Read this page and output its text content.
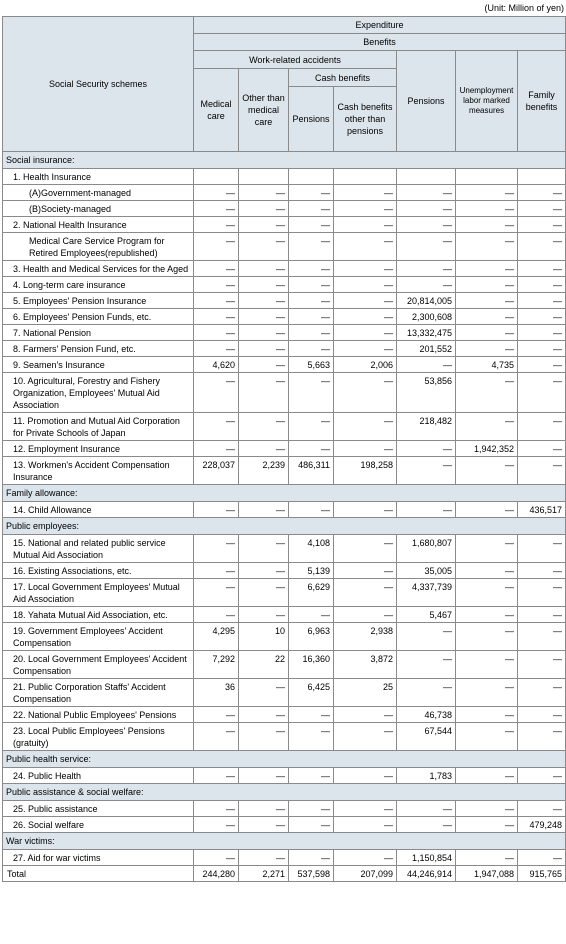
(Unit: Million of yen)
Social Security schemes	Expenditure						
	Benefits						
	Work-related accidents				Pensions	Unemployment labor marked measures	Family benefits
	Medical care	Other than medical care	Cash benefits				
			Pensions	Cash benefits other than pensions			
Social insurance:							
1. Health Insurance							
(A)Government-managed	—	—	—	—	—	—	—
(B)Society-managed	—	—	—	—	—	—	—
2. National Health Insurance	—	—	—	—	—	—	—
Medical Care Service Program for Retired Employees(republished)	—	—	—	—	—	—	—
3. Health and Medical Services for the Aged	—	—	—	—	—	—	—
4. Long-term care insurance	—	—	—	—	—	—	—
5. Employees' Pension Insurance	—	—	—	—	20,814,005	—	—
6. Employees' Pension Funds, etc.	—	—	—	—	2,300,608	—	—
7. National Pension	—	—	—	—	13,332,475	—	—
8. Farmers' Pension Fund, etc.	—	—	—	—	201,552	—	—
9. Seamen's Insurance	4,620	—	5,663	2,006	—	4,735	—
10. Agricultural, Forestry and Fishery Organization, Employees' Mutual Aid Association	—	—	—	—	53,856	—	—
11. Promotion and Mutual Aid Corporation for Private Schools of Japan	—	—	—	—	218,482	—	—
12. Employment Insurance	—	—	—	—	—	1,942,352	—
13. Workmen's Accident Compensation Insurance	228,037	2,239	486,311	198,258	—	—	—
Family allowance:							
14. Child Allowance	—	—	—	—	—	—	436,517
Public employees:							
15. National and related public service Mutual Aid Association	—	—	4,108	—	1,680,807	—	—
16. Existing Associations, etc.	—	—	5,139	—	35,005	—	—
17. Local Government Employees' Mutual Aid Association	—	—	6,629	—	4,337,739	—	—
18. Yahata Mutual Aid Association, etc.	—	—	—	—	5,467	—	—
19. Government Employees' Accident Compensation	4,295	10	6,963	2,938	—	—	—
20. Local Government Employees' Accident Compensation	7,292	22	16,360	3,872	—	—	—
21. Public Corporation Staffs' Accident Compensation	36	—	6,425	25	—	—	—
22. National Public Employees' Pensions	—	—	—	—	46,738	—	—
23. Local Public Employees' Pensions (gratuity)	—	—	—	—	67,544	—	—
Public health service:							
24. Public Health	—	—	—	—	1,783	—	—
Public assistance & social welfare:							
25. Public assistance	—	—	—	—	—	—	—
26. Social welfare	—	—	—	—	—	—	479,248
War victims:							
27. Aid for war victims	—	—	—	—	1,150,854	—	—
Total	244,280	2,271	537,598	207,099	44,246,914	1,947,088	915,765
